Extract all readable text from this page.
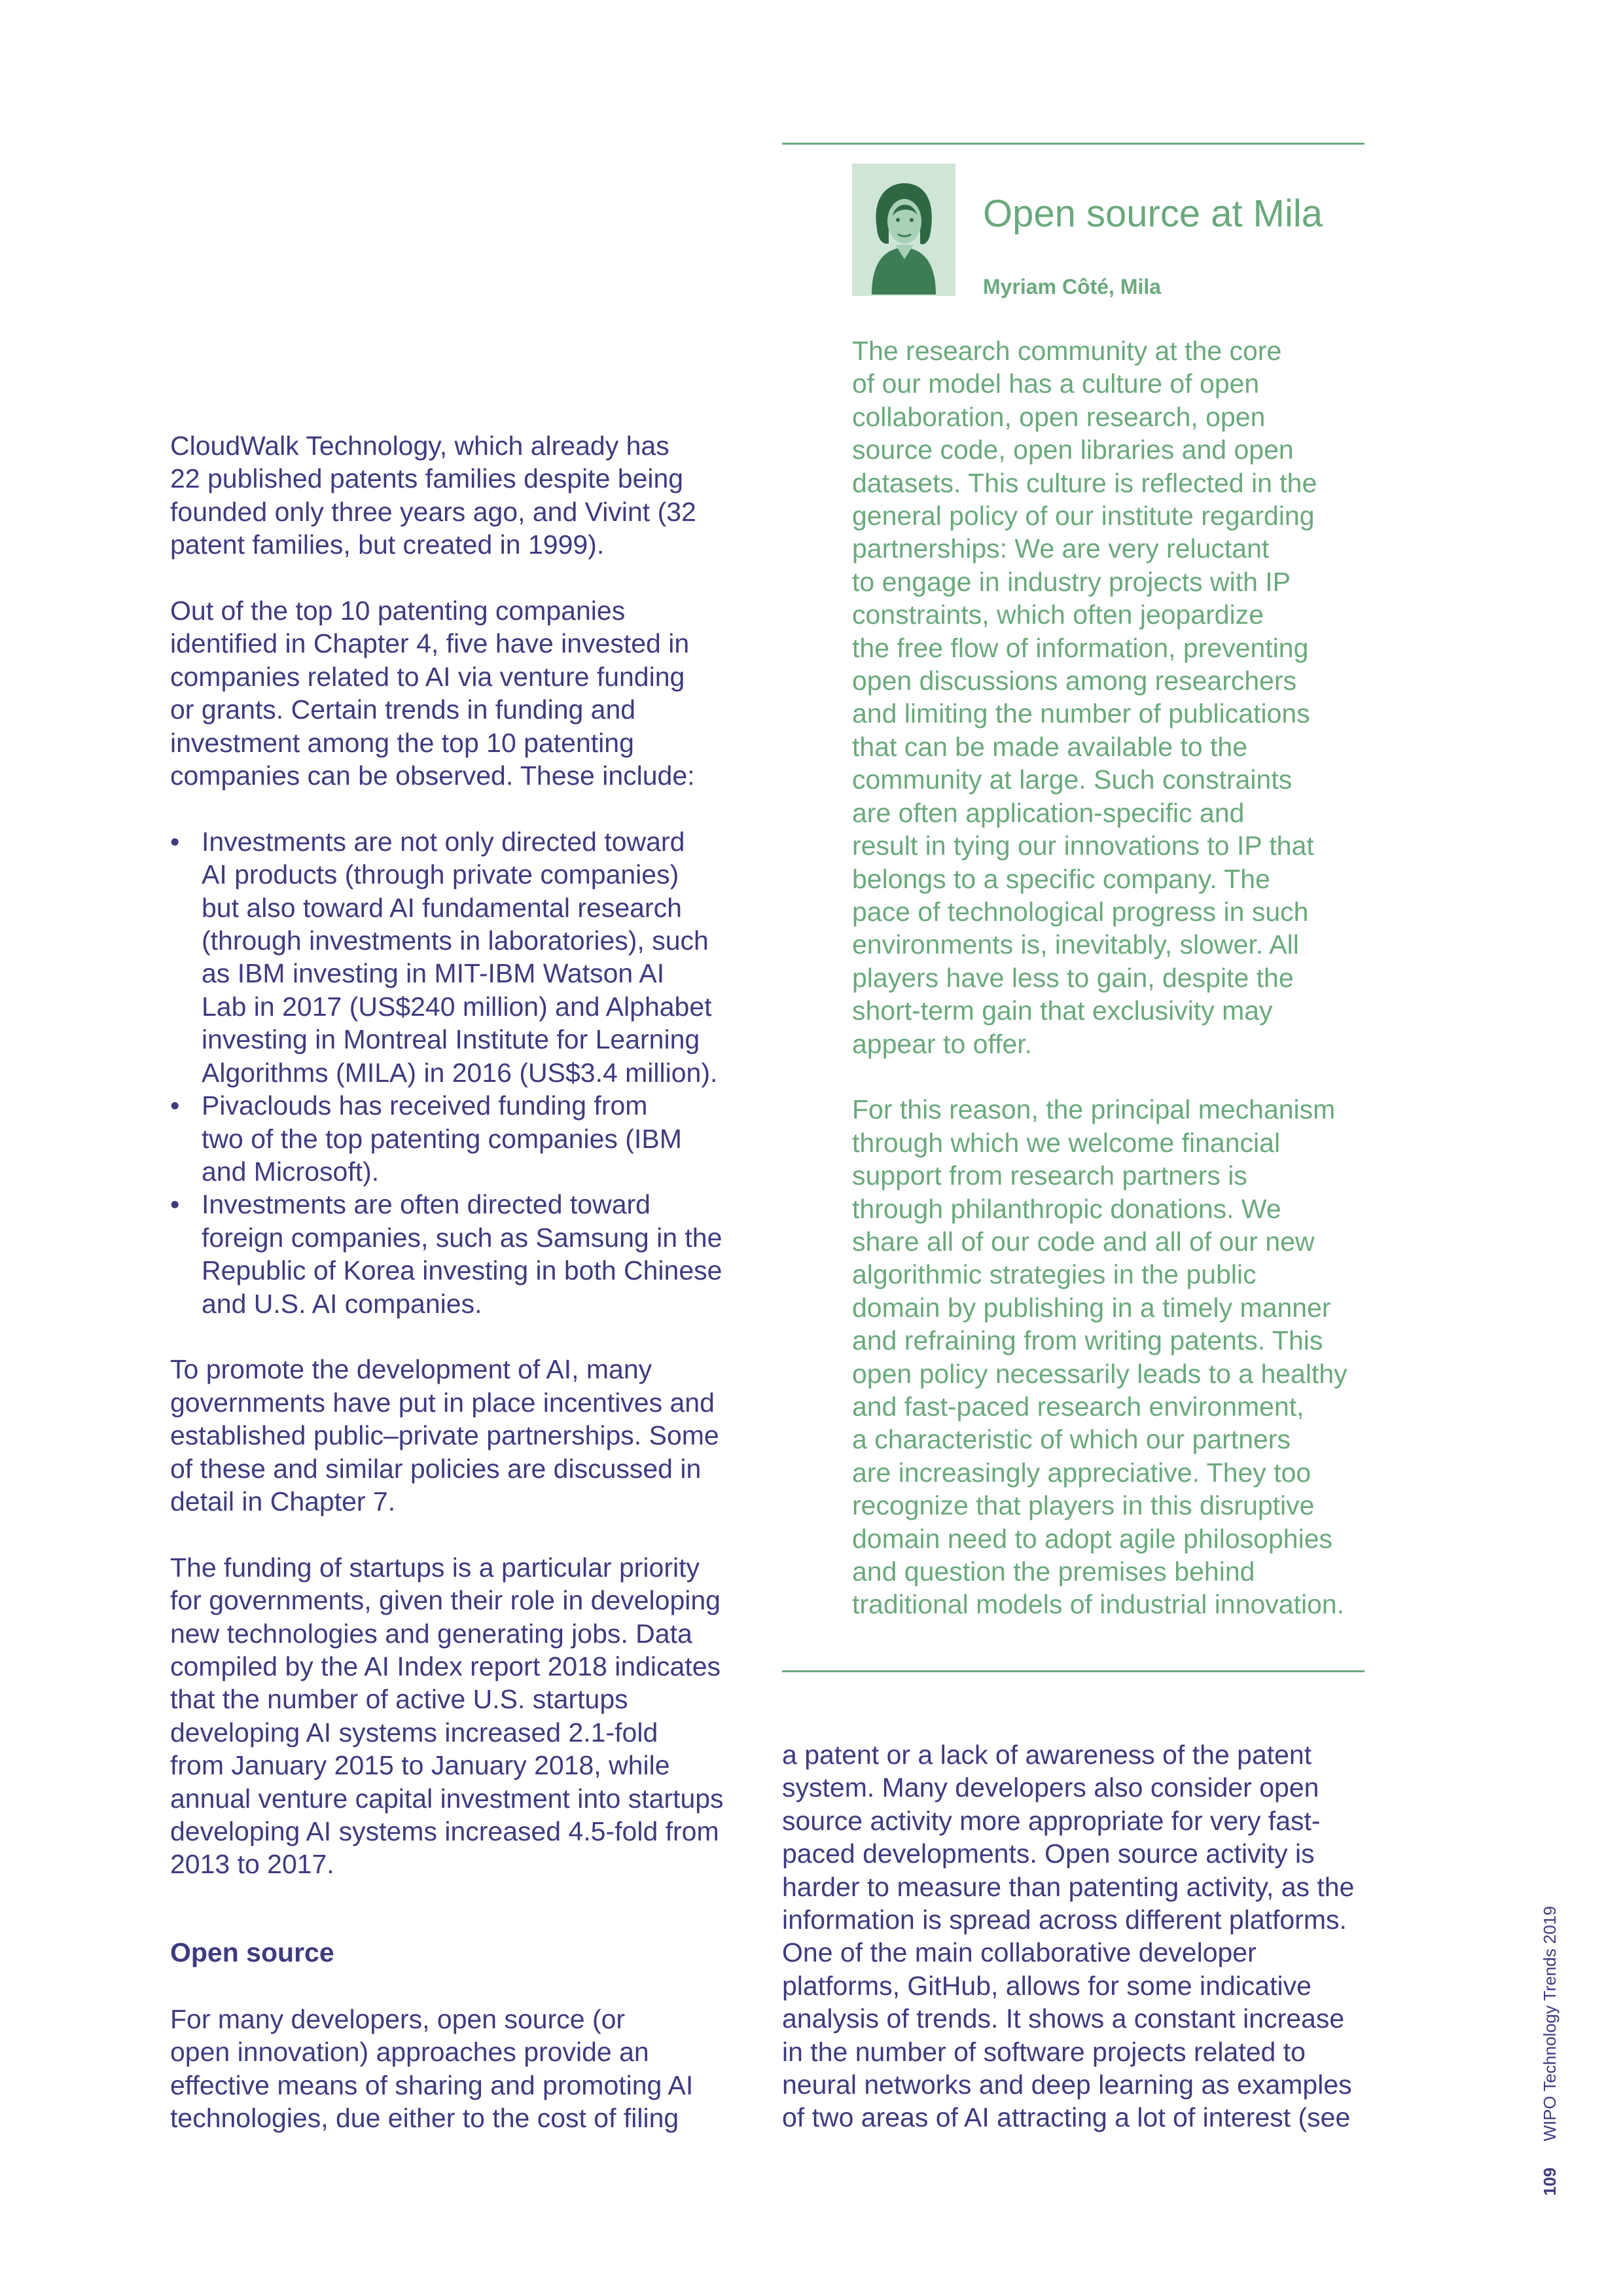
CloudWalk Technology, which already has
22 published patents families despite being
founded only three years ago, and Vivint (32
patent families, but created in 1999).

Out of the top 10 patenting companies
identified in Chapter 4, five have invested in
companies related to AI via venture funding
or grants. Certain trends in funding and
investment among the top 10 patenting
companies can be observed. These include:

• Investments are not only directed toward
AI products (through private companies)
but also toward AI fundamental research
(through investments in laboratories), such
as IBM investing in MIT-IBM Watson AI
Lab in 2017 (US$240 million) and Alphabet
investing in Montreal Institute for Learning
Algorithms (MILA) in 2016 (US$3.4 million).
• Pivaclouds has received funding from
two of the top patenting companies (IBM
and Microsoft).
• Investments are often directed toward
foreign companies, such as Samsung in the
Republic of Korea investing in both Chinese
and U.S. AI companies.

To promote the development of AI, many
governments have put in place incentives and
established public–private partnerships. Some
of these and similar policies are discussed in
detail in Chapter 7.

The funding of startups is a particular priority
for governments, given their role in developing
new technologies and generating jobs. Data
compiled by the AI Index report 2018 indicates
that the number of active U.S. startups
developing AI systems increased 2.1-fold
from January 2015 to January 2018, while
annual venture capital investment into startups
developing AI systems increased 4.5-fold from
2013 to 2017.

Open source

For many developers, open source (or
open innovation) approaches provide an
effective means of sharing and promoting AI
technologies, due either to the cost of filing

Open source at Mila
Myriam Côté, Mila

The research community at the core
of our model has a culture of open
collaboration, open research, open
source code, open libraries and open
datasets. This culture is reflected in the
general policy of our institute regarding
partnerships: We are very reluctant
to engage in industry projects with IP
constraints, which often jeopardize
the free flow of information, preventing
open discussions among researchers
and limiting the number of publications
that can be made available to the
community at large. Such constraints
are often application-specific and
result in tying our innovations to IP that
belongs to a specific company. The
pace of technological progress in such
environments is, inevitably, slower. All
players have less to gain, despite the
short-term gain that exclusivity may
appear to offer.

For this reason, the principal mechanism
through which we welcome financial
support from research partners is
through philanthropic donations. We
share all of our code and all of our new
algorithmic strategies in the public
domain by publishing in a timely manner
and refraining from writing patents. This
open policy necessarily leads to a healthy
and fast-paced research environment,
a characteristic of which our partners
are increasingly appreciative. They too
recognize that players in this disruptive
domain need to adopt agile philosophies
and question the premises behind
traditional models of industrial innovation.

a patent or a lack of awareness of the patent
system. Many developers also consider open
source activity more appropriate for very fast-
paced developments. Open source activity is
harder to measure than patenting activity, as the
information is spread across different platforms.
One of the main collaborative developer
platforms, GitHub, allows for some indicative
analysis of trends. It shows a constant increase
in the number of software projects related to
neural networks and deep learning as examples
of two areas of AI attracting a lot of interest (see

109WIPO Technology Trends 2019
